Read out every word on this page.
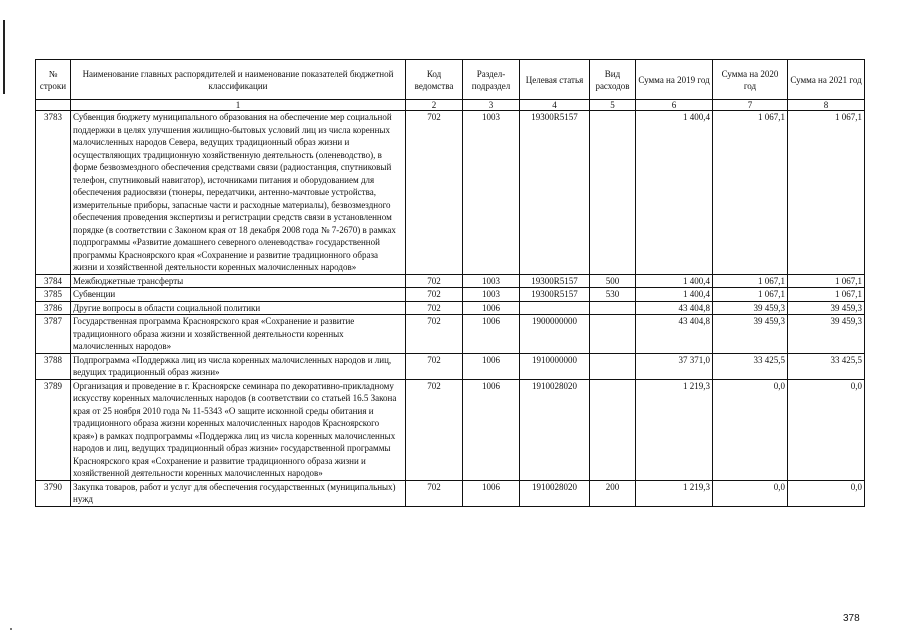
№ строки	Наименование главных распорядителей и наименование показателей бюджетной классификации	Код ведомства	Раздел-подраздел	Целевая статья	Вид расходов	Сумма на 2019 год	Сумма на 2020 год	Сумма на 2021 год
	1	2	3	4	5	6	7	8
3783	Субвенция бюджету муниципального образования на обеспечение мер социальной поддержки в целях улучшения жилищно-бытовых условий лиц из числа коренных малочисленных народов Севера, ведущих традиционный образ жизни и осуществляющих традиционную хозяйственную деятельность (оленеводство), в форме безвозмездного обеспечения средствами связи (радиостанция, спутниковый телефон, спутниковый навигатор), источниками питания и оборудованием для обеспечения радиосвязи (тюнеры, передатчики, антенно-мачтовые устройства, измерительные приборы, запасные части и расходные материалы), безвозмездного обеспечения проведения экспертизы и регистрации средств связи в установленном порядке (в соответствии с Законом края от 18 декабря 2008 года № 7-2670) в рамках подпрограммы «Развитие домашнего северного оленеводства» государственной программы Красноярского края «Сохранение и развитие традиционного образа жизни и хозяйственной деятельности коренных малочисленных народов»	702	1003	19300R5157		1 400,4	1 067,1	1 067,1
3784	Межбюджетные трансферты	702	1003	19300R5157	500	1 400,4	1 067,1	1 067,1
3785	Субвенции	702	1003	19300R5157	530	1 400,4	1 067,1	1 067,1
3786	Другие вопросы в области социальной политики	702	1006			43 404,8	39 459,3	39 459,3
3787	Государственная программа Красноярского края «Сохранение и развитие традиционного образа жизни и хозяйственной деятельности коренных малочисленных народов»	702	1006	1900000000		43 404,8	39 459,3	39 459,3
3788	Подпрограмма «Поддержка лиц из числа коренных малочисленных народов и лиц, ведущих традиционный образ жизни»	702	1006	1910000000		37 371,0	33 425,5	33 425,5
3789	Организация и проведение в г. Красноярске семинара по декоративно-прикладному искусству коренных малочисленных народов (в соответствии со статьей 16.5 Закона края от 25 ноября 2010 года № 11-5343 «О защите исконной среды обитания и традиционного образа жизни коренных малочисленных народов Красноярского края») в рамках подпрограммы «Поддержка лиц из числа коренных малочисленных народов и лиц, ведущих традиционный образ жизни» государственной программы Красноярского края «Сохранение и развитие традиционного образа жизни и хозяйственной деятельности коренных малочисленных народов»	702	1006	1910028020		1 219,3	0,0	0,0
3790	Закупка товаров, работ и услуг для обеспечения государственных (муниципальных) нужд	702	1006	1910028020	200	1 219,3	0,0	0,0
378
